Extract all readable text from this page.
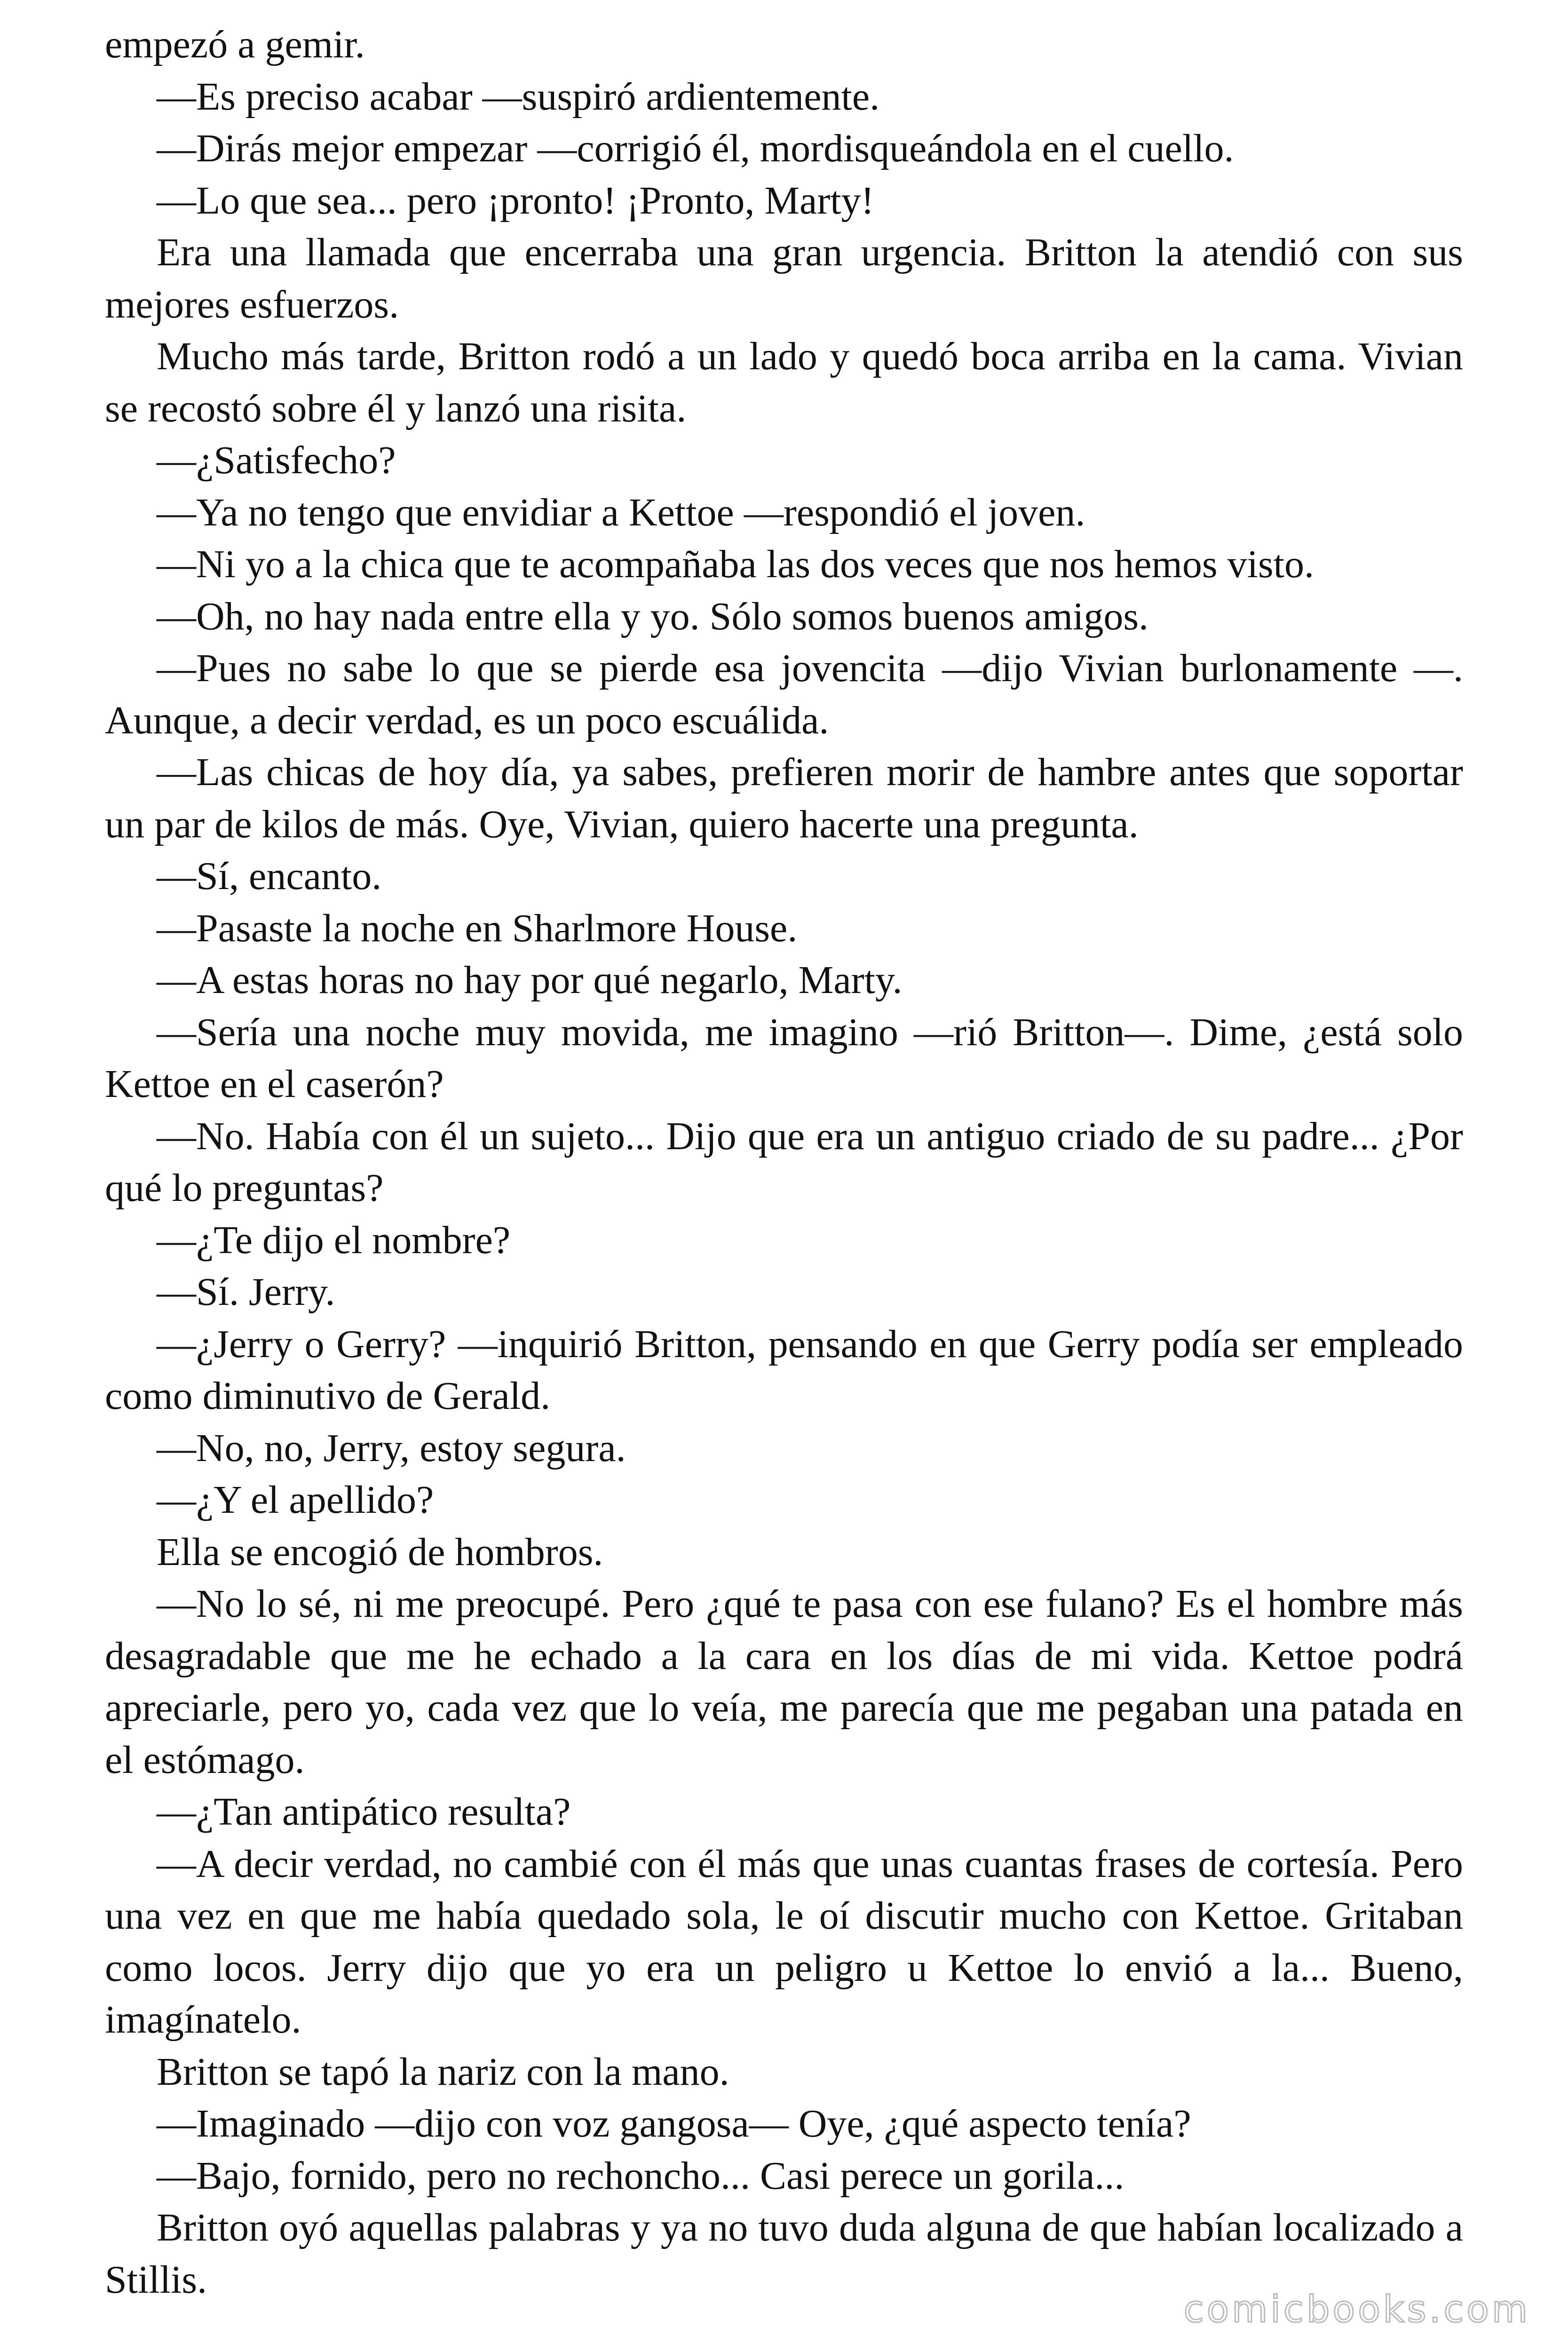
empezó a gemir.

—Es preciso acabar —suspiró ardientemente.

—Dirás mejor empezar —corrigió él, mordisqueándola en el cuello.

—Lo que sea... pero ¡pronto! ¡Pronto, Marty!

Era una llamada que encerraba una gran urgencia. Britton la atendió con sus mejores esfuerzos.

Mucho más tarde, Britton rodó a un lado y quedó boca arriba en la cama. Vivian se recostó sobre él y lanzó una risita.

—¿Satisfecho?

—Ya no tengo que envidiar a Kettoe —respondió el joven.

—Ni yo a la chica que te acompañaba las dos veces que nos hemos visto.

—Oh, no hay nada entre ella y yo. Sólo somos buenos amigos.

—Pues no sabe lo que se pierde esa jovencita —dijo Vivian burlonamente —. Aunque, a decir verdad, es un poco escuálida.

—Las chicas de hoy día, ya sabes, prefieren morir de hambre antes que soportar un par de kilos de más. Oye, Vivian, quiero hacerte una pregunta.

—Sí, encanto.

—Pasaste la noche en Sharlmore House.

—A estas horas no hay por qué negarlo, Marty.

—Sería una noche muy movida, me imagino —rió Britton—. Dime, ¿está solo Kettoe en el caserón?

—No. Había con él un sujeto... Dijo que era un antiguo criado de su padre... ¿Por qué lo preguntas?

—¿Te dijo el nombre?

—Sí. Jerry.

—¿Jerry o Gerry? —inquirió Britton, pensando en que Gerry podía ser empleado como diminutivo de Gerald.

—No, no, Jerry, estoy segura.

—¿Y el apellido?

Ella se encogió de hombros.

—No lo sé, ni me preocupé. Pero ¿qué te pasa con ese fulano? Es el hombre más desagradable que me he echado a la cara en los días de mi vida. Kettoe podrá apreciarle, pero yo, cada vez que lo veía, me parecía que me pegaban una patada en el estómago.

—¿Tan antipático resulta?

—A decir verdad, no cambié con él más que unas cuantas frases de cortesía. Pero una vez en que me había quedado sola, le oí discutir mucho con Kettoe. Gritaban como locos. Jerry dijo que yo era un peligro u Kettoe lo envió a la... Bueno, imagínatelo.

Britton se tapó la nariz con la mano.

—Imaginado —dijo con voz gangosa— Oye, ¿qué aspecto tenía?

—Bajo, fornido, pero no rechoncho... Casi perece un gorila...

Britton oyó aquellas palabras y ya no tuvo duda alguna de que habían localizado a Stillis.

comicbooks.com
